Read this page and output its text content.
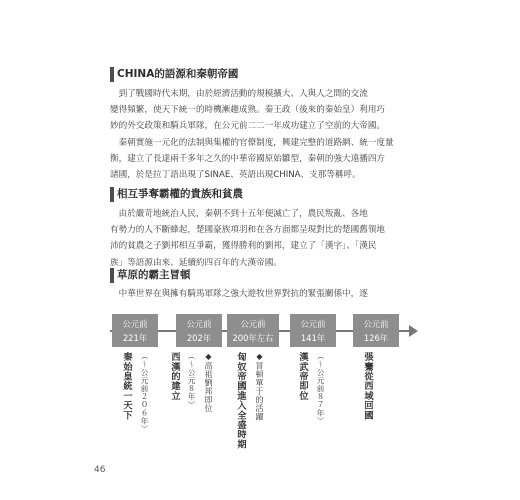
CHINA的語源和秦朝帝國
　到了戰國時代末期，由於經濟活動的規模擴大、人與人之間的交流
變得頻繁，使天下統一的時機漸趨成熟。秦王政（後來的秦始皇）利用巧
妙的外交政策和騎兵軍隊，在公元前二二一年成功建立了空前的大帝國。
　秦朝實施一元化的法制與集權的官僚制度，興建完整的道路網、統一度量
衡，建立了長達兩千多年之久的中華帝國原始雛型，秦朝的強大遠播四方
諸國，於是拉丁語出現了SINAE、英語出現CHINA、支那等稱呼。
相互爭奪霸權的貴族和貧農
　由於嚴苛地統治人民，秦朝不到十五年便滅亡了，農民叛亂、各地
有勢力的人不斷蜂起，楚國豪族項羽和在各方面都呈現對比的楚國舊領地
沛的貧農之子劉邦相互爭霸，獲得勝利的劉邦，建立了「漢字」、「漢民
族」等語源由來、延續約四百年的大漢帝國。
草原的霸主冒頓
　中華世界在與擁有騎馬軍隊之強大遊牧世界對抗的緊張關係中，逐
公元前
221年
秦始皇統一天下 （〜公元前２０６年）
公元前
202年
西漢的建立 （〜公元８年） ◆高祖劉邦即位
公元前
200年左右
匈奴帝國進入全盛時期 ◆冒頓單于的活躍
公元前
141年
漢武帝即位 （〜公元前８７年）
公元前
126年
張騫從西域回國
46
